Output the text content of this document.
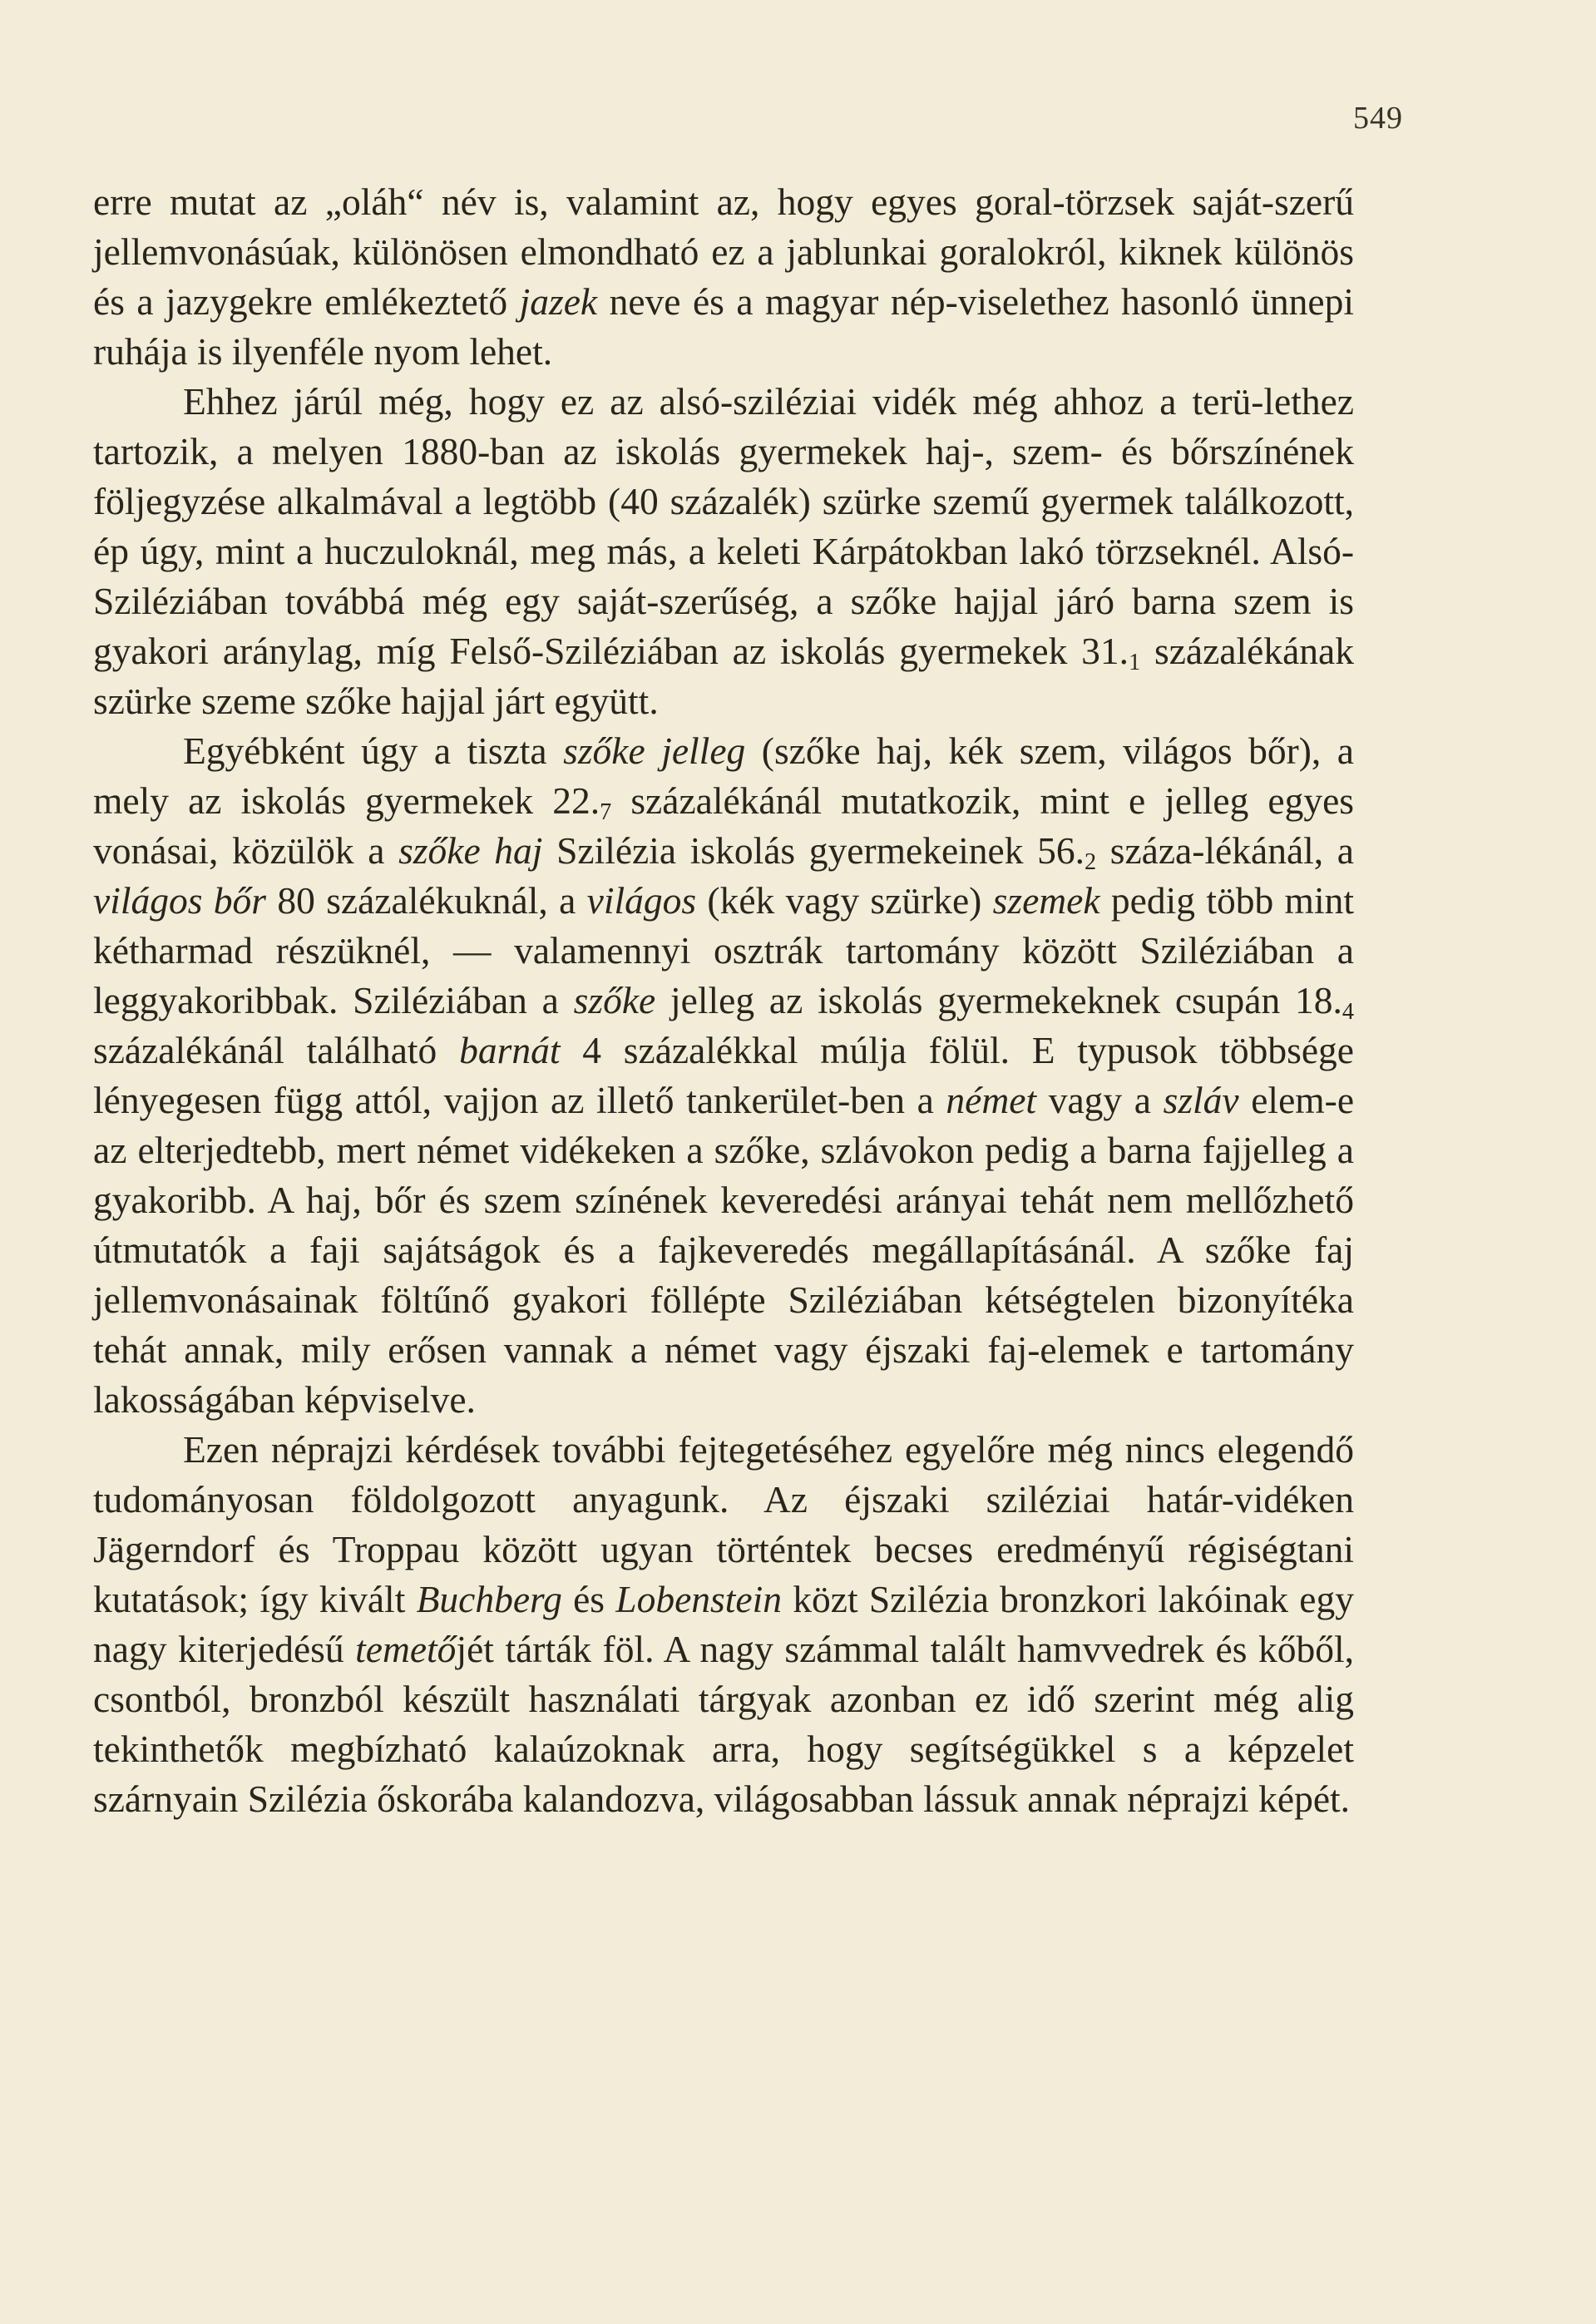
549

erre mutat az „oláh“ név is, valamint az, hogy egyes goral-törzsek saját-szerű jellemvonásúak, különösen elmondható ez a jablunkai goralokról, kiknek különös és a jazygekre emlékeztető jazek neve és a magyar nép-viselethez hasonló ünnepi ruhája is ilyenféle nyom lehet.

Ehhez járúl még, hogy ez az alsó-sziléziai vidék még ahhoz a terü-lethez tartozik, a melyen 1880-ban az iskolás gyermekek haj-, szem- és bőrszínének följegyzése alkalmával a legtöbb (40 százalék) szürke szemű gyermek találkozott, ép úgy, mint a huczuloknál, meg más, a keleti Kárpátokban lakó törzseknél. Alsó-Sziléziában továbbá még egy saját-szerűség, a szőke hajjal járó barna szem is gyakori aránylag, míg Felső-Sziléziában az iskolás gyermekek $31._1$ százalékának szürke szeme szőke hajjal járt együtt.

Egyébként úgy a tiszta szőke jelleg (szőke haj, kék szem, világos bőr), a mely az iskolás gyermekek $22._7$ százalékánál mutatkozik, mint e jelleg egyes vonásai, közülök a szőke haj Szilézia iskolás gyermekeinek $56._2$ száza-lékánál, a világos bőr 80 százalékuknál, a világos (kék vagy szürke) szemek pedig több mint kétharmad részüknél, — valamennyi osztrák tartomány között Sziléziában a leggyakoribbak. Sziléziában a szőke jelleg az iskolás gyermekeknek csupán $18._4$ százalékánál található barnát 4 százalékkal múlja fölül. E typusok többsége lényegesen függ attól, vajjon az illető tankerület-ben a német vagy a szláv elem-e az elterjedtebb, mert német vidékeken a szőke, szlávokon pedig a barna fajjelleg a gyakoribb. A haj, bőr és szem színének keveredési arányai tehát nem mellőzhető útmutatók a faji sajátságok és a fajkeveredés megállapításánál. A szőke faj jellemvonásainak föltűnő gyakori föllépte Sziléziában kétségtelen bizonyítéka tehát annak, mily erősen vannak a német vagy éjszaki faj-elemek e tartomány lakosságában képviselve.

Ezen néprajzi kérdések további fejtegetéséhez egyelőre még nincs elegendő tudományosan földolgozott anyagunk. Az éjszaki sziléziai határ-vidéken Jägerndorf és Troppau között ugyan történtek becses eredményű régiségtani kutatások; így kivált Buchberg és Lobenstein közt Szilézia bronzkori lakóinak egy nagy kiterjedésű temetőjét tárták föl. A nagy számmal talált hamvvedrek és kőből, csontból, bronzból készült használati tárgyak azonban ez idő szerint még alig tekinthetők megbízható kalaúzoknak arra, hogy segítségükkel s a képzelet szárnyain Szilézia őskorába kalandozva, világosabban lássuk annak néprajzi képét.
